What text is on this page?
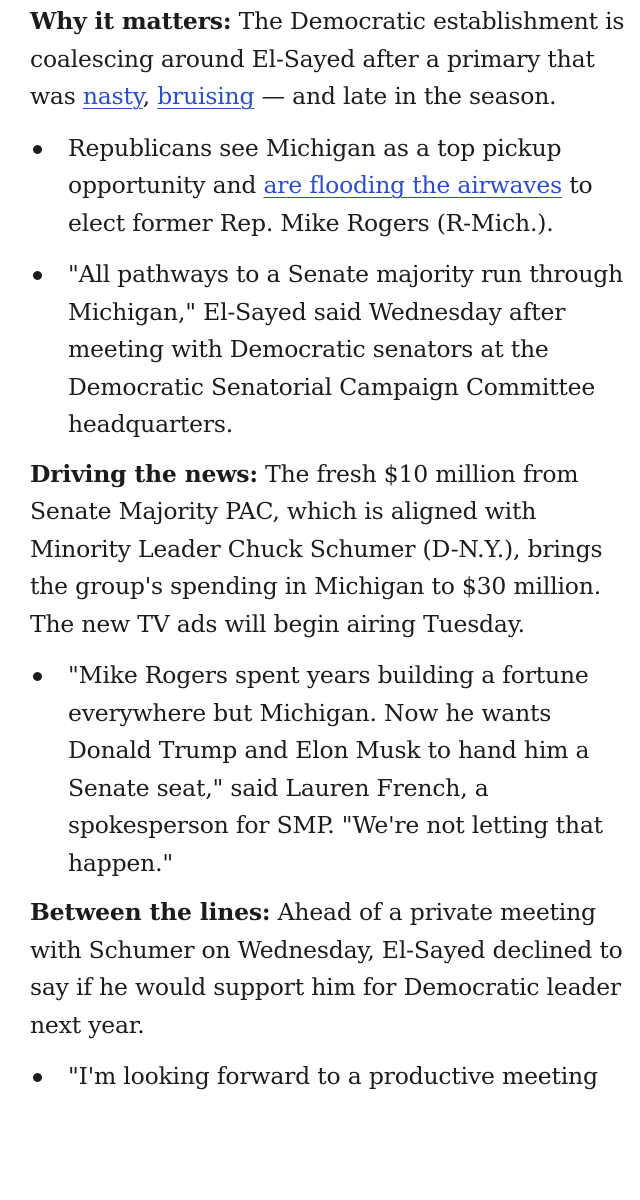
Why it matters: The Democratic establishment is coalescing around El-Sayed after a primary that was nasty, bruising — and late in the season.

Republicans see Michigan as a top pickup opportunity and are flooding the airwaves to elect former Rep. Mike Rogers (R-Mich.).
"All pathways to a Senate majority run through Michigan," El-Sayed said Wednesday after meeting with Democratic senators at the Democratic Senatorial Campaign Committee headquarters.

Driving the news: The fresh $10 million from Senate Majority PAC, which is aligned with Minority Leader Chuck Schumer (D-N.Y.), brings the group's spending in Michigan to $30 million. The new TV ads will begin airing Tuesday.

"Mike Rogers spent years building a fortune everywhere but Michigan. Now he wants Donald Trump and Elon Musk to hand him a Senate seat," said Lauren French, a spokesperson for SMP. "We're not letting that happen."

Between the lines: Ahead of a private meeting with Schumer on Wednesday, El-Sayed declined to say if he would support him for Democratic leader next year.

"I'm looking forward to a productive meeting
